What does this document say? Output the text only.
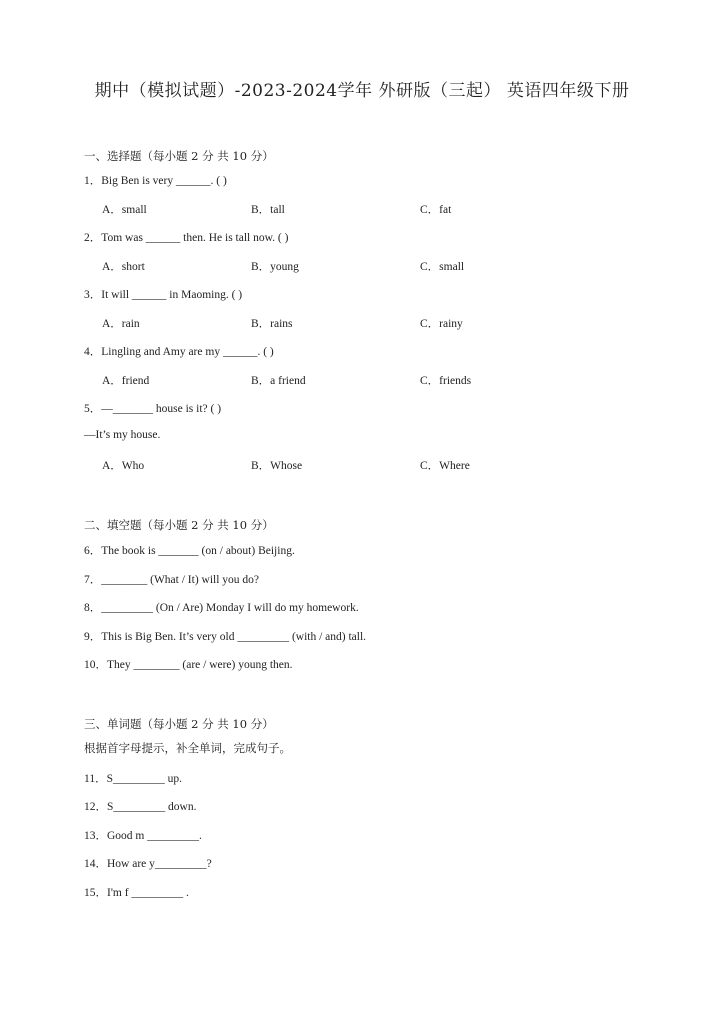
期中（模拟试题）-2023-2024学年 外研版（三起） 英语四年级下册
一、选择题（每小题 2 分 共 10 分）
1．Big Ben is very ______. ( )
A．small	B．tall	C．fat
2．Tom was ______ then. He is tall now. ( )
A．short	B．young	C．small
3．It will ______ in Maoming. ( )
A．rain	B．rains	C．rainy
4．Lingling and Amy are my ______. ( )
A．friend	B．a friend	C．friends
5．—_______ house is it? ( )
—It’s my house.
A．Who	B．Whose	C．Where
二、填空题（每小题 2 分 共 10 分）
6．The book is _______ (on / about) Beijing.
7．________ (What / It) will you do?
8．_________ (On / Are) Monday I will do my homework.
9．This is Big Ben. It’s very old _________ (with / and) tall.
10．They ________ (are / were) young then.
三、单词题（每小题 2 分 共 10 分）
根据首字母提示，补全单词，完成句子。
11．S_________ up.
12．S_________ down.
13．Good m _________.
14．How are y_________?
15．I'm f _________ .
